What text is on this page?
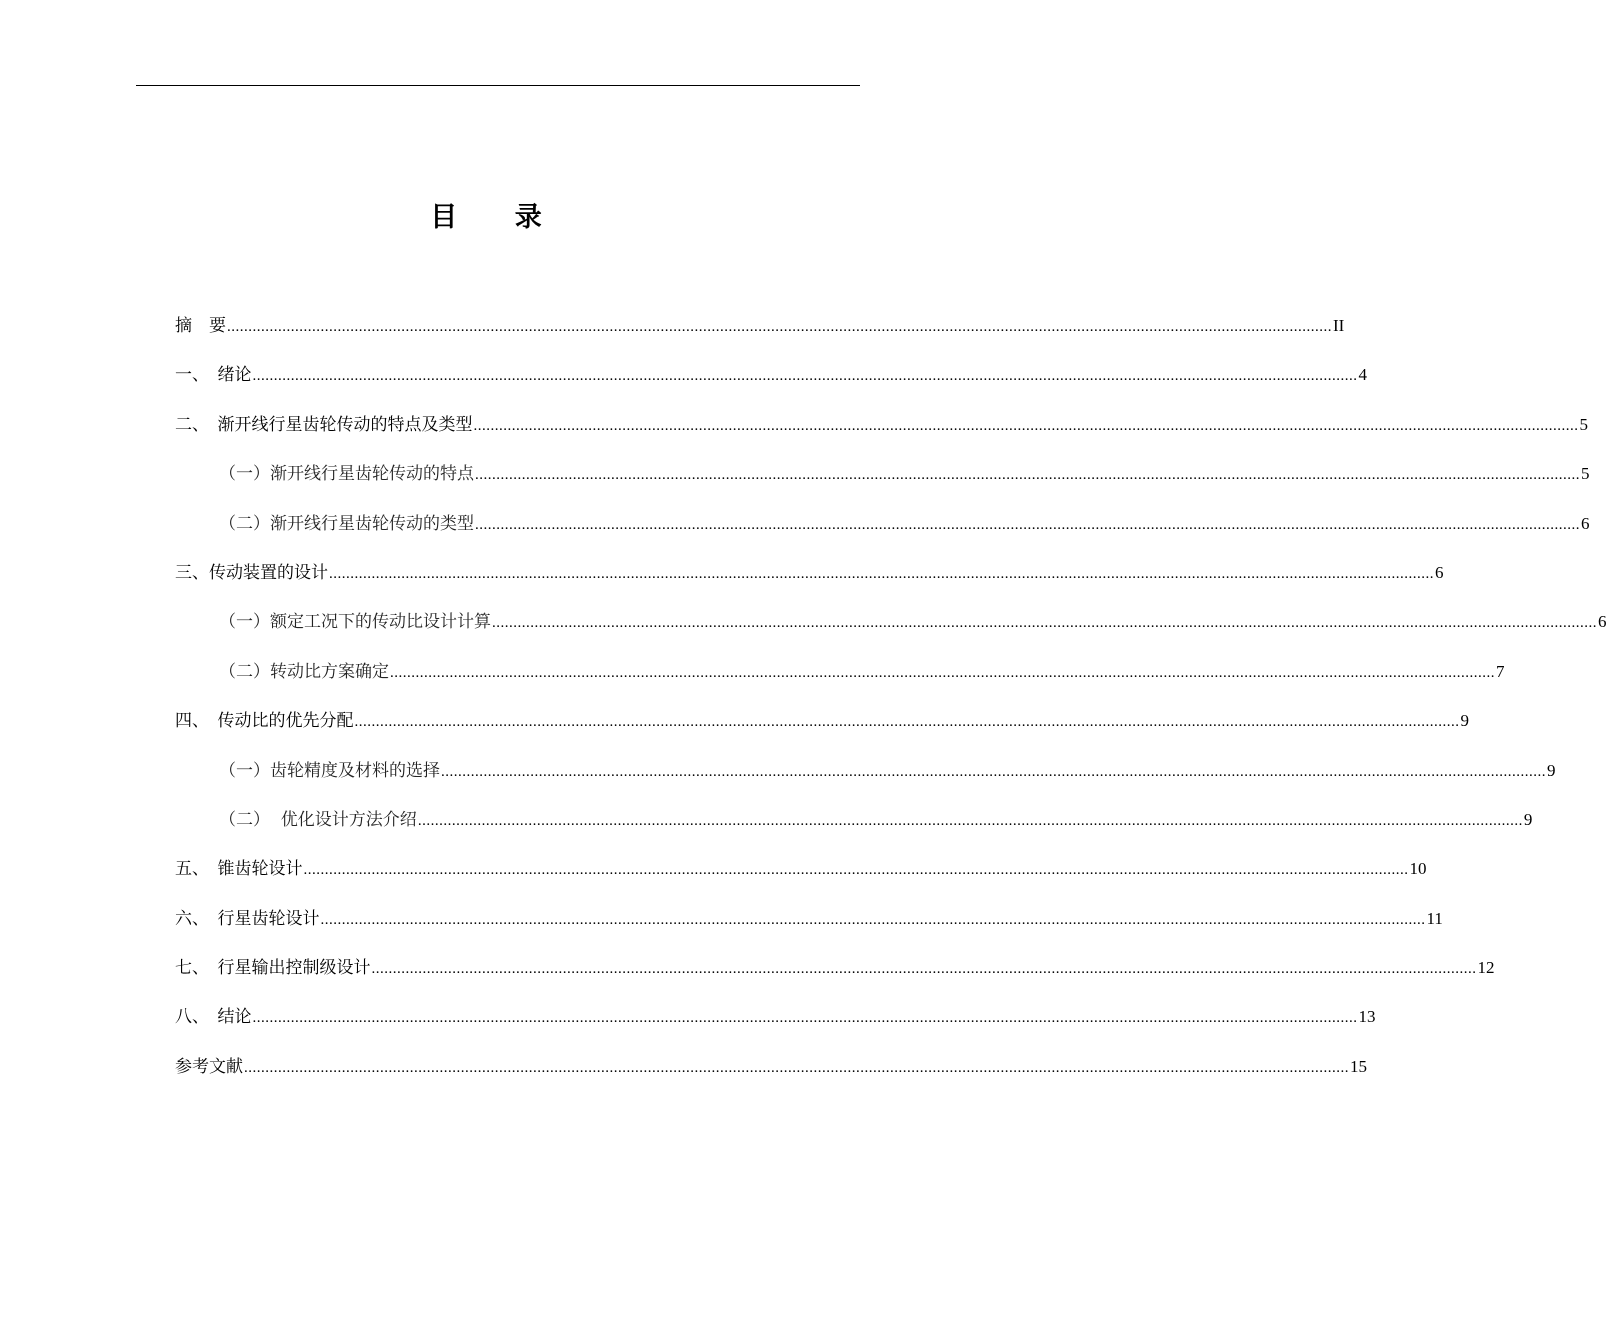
目 录
摘　要 .................................................................................................................................................................................................................................................................... II
一、　绪论 .................................................................................................................................................................................................................................................................... 4
二、　渐开线行星齿轮传动的特点及类型 .................................................................................................................................................................................................................................................................... 5
（一）渐开线行星齿轮传动的特点 .................................................................................................................................................................................................................................................................... 5
（二）渐开线行星齿轮传动的类型 .................................................................................................................................................................................................................................................................... 6
三、传动装置的设计 .................................................................................................................................................................................................................................................................... 6
（一）额定工况下的传动比设计计算 .................................................................................................................................................................................................................................................................... 6
（二）转动比方案确定 .................................................................................................................................................................................................................................................................... 7
四、　传动比的优先分配 .................................................................................................................................................................................................................................................................... 9
（一）齿轮精度及材料的选择 .................................................................................................................................................................................................................................................................... 9
（二）  优化设计方法介绍 .................................................................................................................................................................................................................................................................... 9
五、　锥齿轮设计 .................................................................................................................................................................................................................................................................... 10
六、　行星齿轮设计 .................................................................................................................................................................................................................................................................... 11
七、　行星输出控制级设计 .................................................................................................................................................................................................................................................................... 12
八、　结论 .................................................................................................................................................................................................................................................................... 13
参考文献 .................................................................................................................................................................................................................................................................... 15
